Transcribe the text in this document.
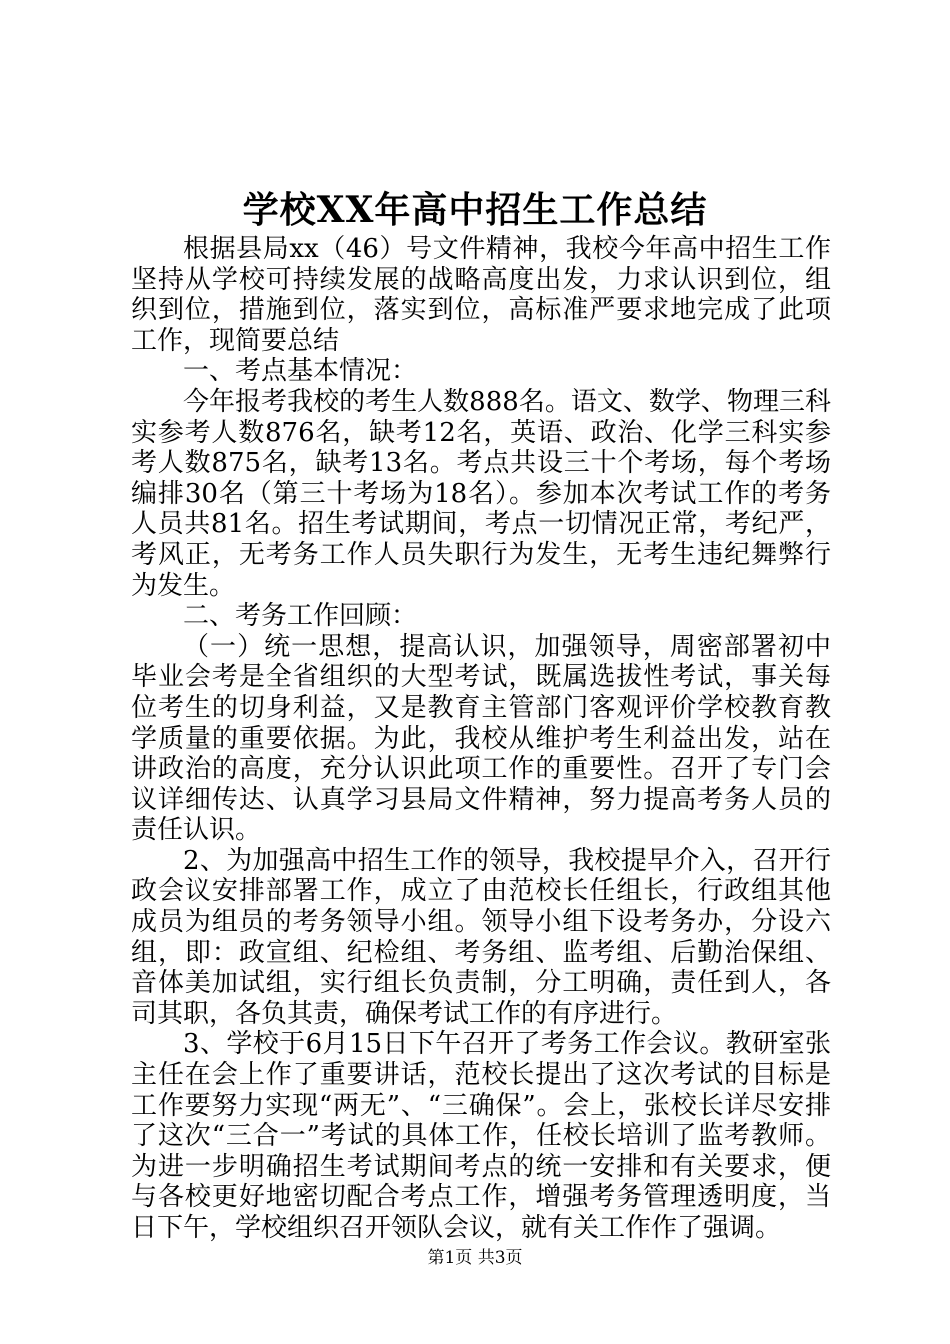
学校XX年高中招生工作总结

根据县局xx（46）号文件精神，我校今年高中招生工作坚持从学校可持续发展的战略高度出发，力求认识到位，组织到位，措施到位，落实到位，高标准严要求地完成了此项工作，现简要总结

一、考点基本情况：

今年报考我校的考生人数888名。语文、数学、物理三科实参考人数876名，缺考12名，英语、政治、化学三科实参考人数875名，缺考13名。考点共设三十个考场，每个考场编排30名（第三十考场为18名）。参加本次考试工作的考务人员共81名。招生考试期间，考点一切情况正常，考纪严，考风正，无考务工作人员失职行为发生，无考生违纪舞弊行为发生。

二、考务工作回顾：

（一）统一思想，提高认识，加强领导，周密部署初中毕业会考是全省组织的大型考试，既属选拔性考试，事关每位考生的切身利益，又是教育主管部门客观评价学校教育教学质量的重要依据。为此，我校从维护考生利益出发，站在讲政治的高度，充分认识此项工作的重要性。召开了专门会议详细传达、认真学习县局文件精神，努力提高考务人员的责任认识。

2、为加强高中招生工作的领导，我校提早介入，召开行政会议安排部署工作，成立了由范校长任组长，行政组其他成员为组员的考务领导小组。领导小组下设考务办，分设六组，即：政宣组、纪检组、考务组、监考组、后勤治保组、音体美加试组，实行组长负责制，分工明确，责任到人，各司其职，各负其责，确保考试工作的有序进行。

3、学校于6月15日下午召开了考务工作会议。教研室张主任在会上作了重要讲话，范校长提出了这次考试的目标是工作要努力实现“两无”、“三确保”。会上，张校长详尽安排了这次“三合一”考试的具体工作，任校长培训了监考教师。为进一步明确招生考试期间考点的统一安排和有关要求，便与各校更好地密切配合考点工作，增强考务管理透明度，当日下午，学校组织召开领队会议，就有关工作作了强调。

第1页 共3页
